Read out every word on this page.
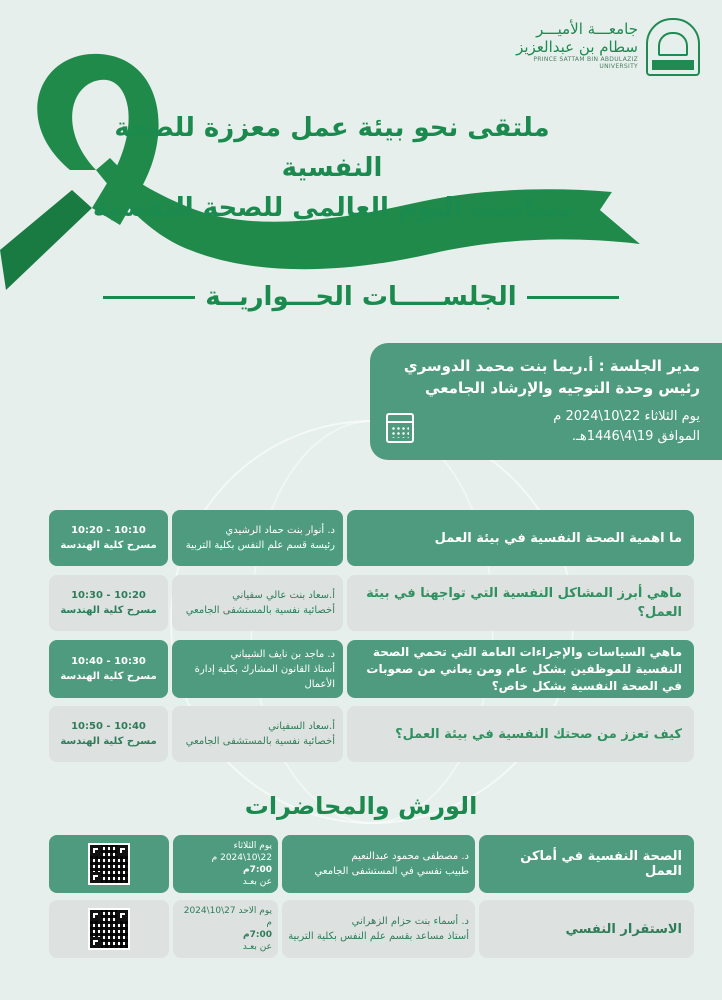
جامعـــة الأميـــر
سطام بن عبدالعزيز
PRINCE SATTAM BIN ABDULAZIZ UNIVERSITY
ملتقى نحو بيئة عمل معززة للصحة النفسية
بمناسبة اليوم العالمي للصحة النفسية
الجلســـــات الحـــواريــة
مدير الجلسة : أ.ريما بنت محمد الدوسري
رئيس وحدة التوجيه والإرشاد الجامعي
يوم الثلاثاء 22\10\2024 م
الموافق 19\4\1446هـ.
ما اهمية الصحة النفسية في بيئة العمل
د. أنوار بنت حماد الرشيدي
رئيسة قسم علم النفس بكلية التربية
10:10 - 10:20
مسرح كلية الهندسة
ماهي أبرز المشاكل النفسية التي تواجهنا في بيئة العمل؟
أ.سعاد بنت عالي سفياني
أخصائية نفسية بالمستشفى الجامعي
10:20 - 10:30
مسرح كلية الهندسة
ماهي السياسات والإجراءات العامة التي تحمي الصحة النفسية للموظفين بشكل عام ومن يعاني من صعوبات في الصحة النفسية بشكل خاص؟
د. ماجد بن نايف الشيباني
أستاذ القانون المشارك بكلية إدارة الأعمال
10:30 - 10:40
مسرح كلية الهندسة
كيف تعزز من صحتك النفسية في بيئة العمل؟
أ.سعاد السفياني
أخصائية نفسية بالمستشفى الجامعي
10:40 - 10:50
مسرح كلية الهندسة
الورش والمحاضرات
الصحة النفسية في أماكن العمل
د. مصطفى محمود عبدالنعيم
طبيب نفسي في المستشفى الجامعي
يوم الثلاثاء 22\10\2024 م
7:00م
عن بعـد
الاستقرار النفسي
د. أسماء بنت حزام الزهراني
أستاذ مساعد بقسم علم النفس بكلية التربية
يوم الاحد 27\10\2024 م
7:00م
عن بعـد
